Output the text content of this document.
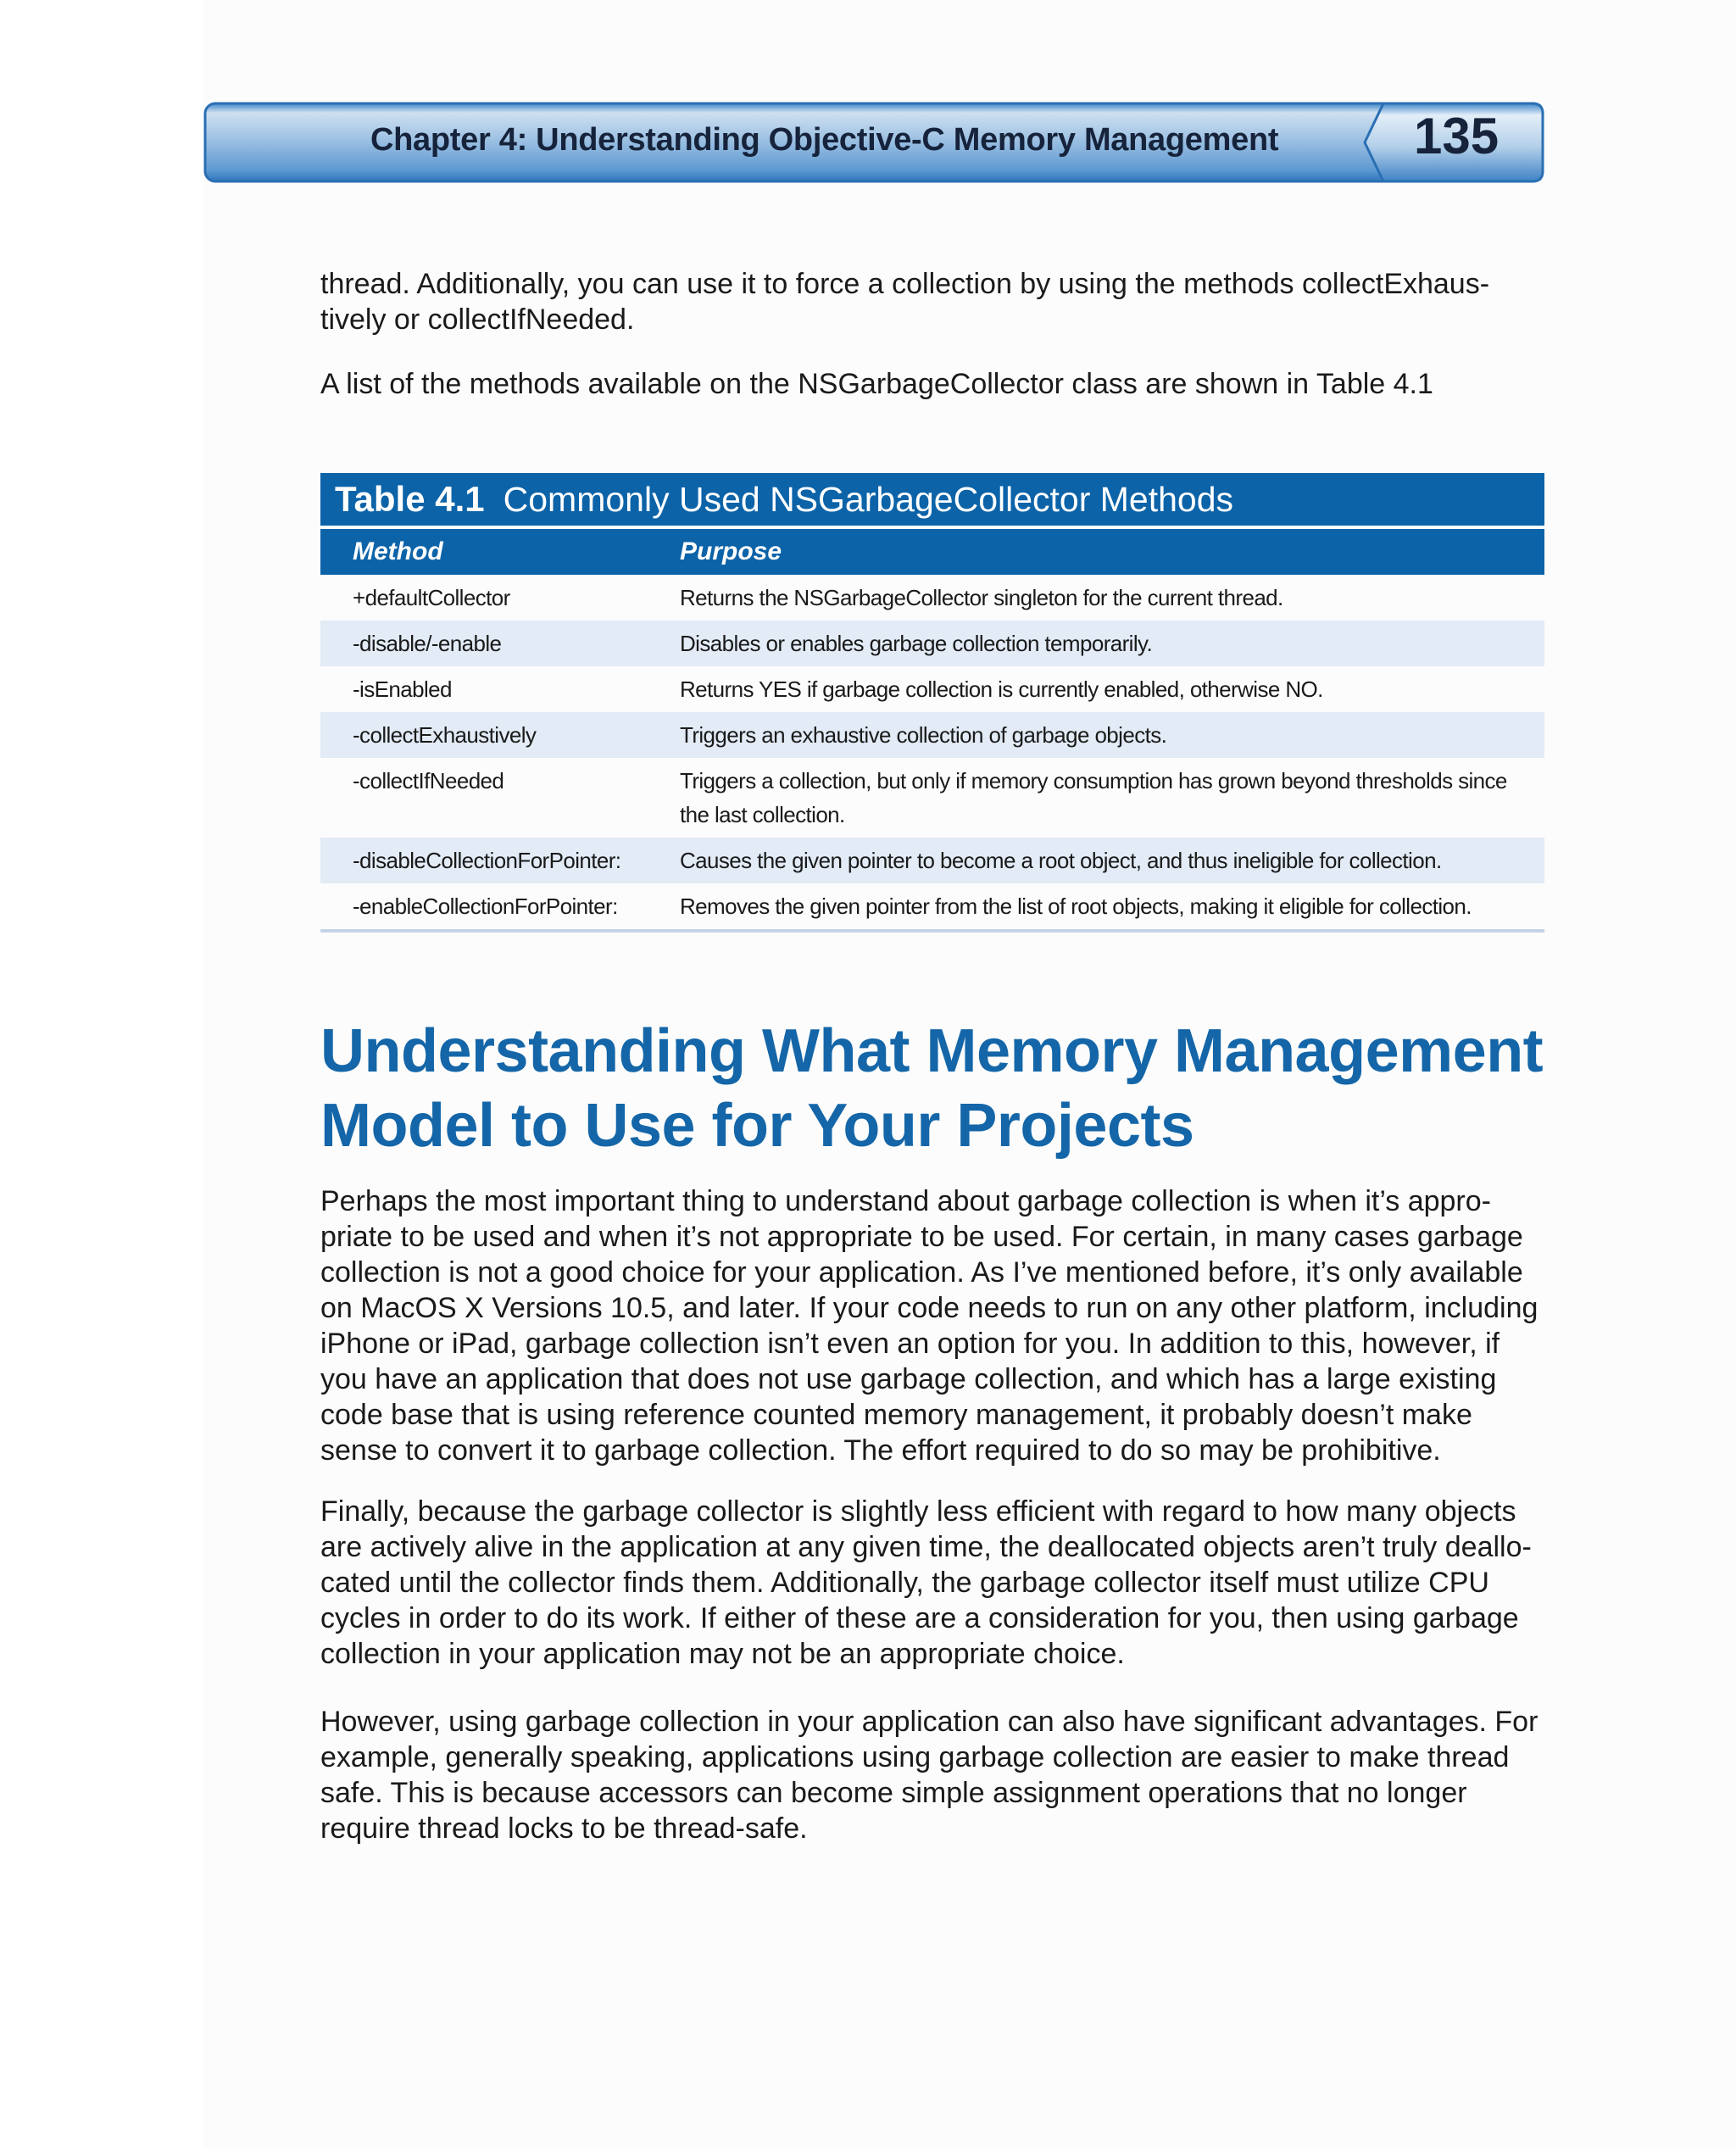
Chapter 4: Understanding Objective-C Memory Management	135

thread. Additionally, you can use it to force a collection by using the methods collectExhaus-tively or collectIfNeeded.

A list of the methods available on the NSGarbageCollector class are shown in Table 4.1

Table 4.1 Commonly Used NSGarbageCollector Methods
Method	Purpose
+defaultCollector	Returns the NSGarbageCollector singleton for the current thread.
-disable/-enable	Disables or enables garbage collection temporarily.
-isEnabled	Returns YES if garbage collection is currently enabled, otherwise NO.
-collectExhaustively	Triggers an exhaustive collection of garbage objects.
-collectIfNeeded	Triggers a collection, but only if memory consumption has grown beyond thresholds since the last collection.
-disableCollectionForPointer:	Causes the given pointer to become a root object, and thus ineligible for collection.
-enableCollectionForPointer:	Removes the given pointer from the list of root objects, making it eligible for collection.
Understanding What Memory Management Model to Use for Your Projects

Perhaps the most important thing to understand about garbage collection is when it’s appro-priate to be used and when it’s not appropriate to be used. For certain, in many cases garbage collection is not a good choice for your application. As I’ve mentioned before, it’s only available on MacOS X Versions 10.5, and later. If your code needs to run on any other platform, including iPhone or iPad, garbage collection isn’t even an option for you. In addition to this, however, if you have an application that does not use garbage collection, and which has a large existing code base that is using reference counted memory management, it probably doesn’t make sense to convert it to garbage collection. The effort required to do so may be prohibitive.

Finally, because the garbage collector is slightly less efficient with regard to how many objects are actively alive in the application at any given time, the deallocated objects aren’t truly deallo-cated until the collector finds them. Additionally, the garbage collector itself must utilize CPU cycles in order to do its work. If either of these are a consideration for you, then using garbage collection in your application may not be an appropriate choice.

However, using garbage collection in your application can also have significant advantages. For example, generally speaking, applications using garbage collection are easier to make thread safe. This is because accessors can become simple assignment operations that no longer require thread locks to be thread-safe.
